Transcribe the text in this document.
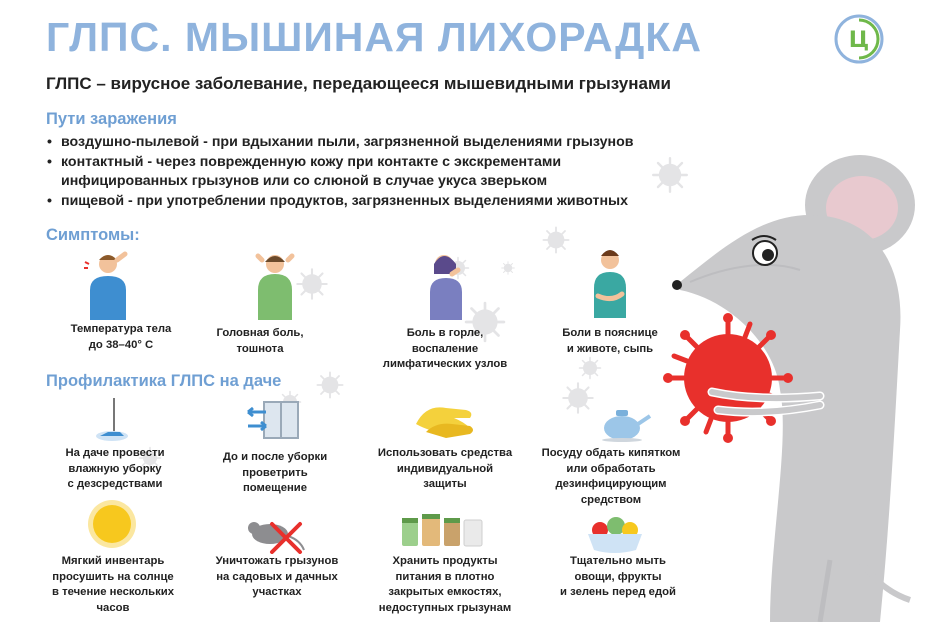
ГЛПС. МЫШИНАЯ ЛИХОРАДКА	Ц
ГЛПС – вирусное заболевание, передающееся мышевидными грызунами
Пути заражения
• воздушно-пылевой - при вдыхании пыли, загрязненной выделениями грызунов
• контактный - через поврежденную кожу при контакте с экскрементами
инфицированных грызунов или со слюной в случае укуса зверьком
• пищевой - при употреблении продуктов, загрязненных выделениями животных
Симптомы:
Температура тела
до 38–40° С
Головная боль,
тошнота
Боль в горле,
воспаление
лимфатических узлов
Боли в пояснице
и животе, сыпь
Профилактика ГЛПС на даче
На даче провести
влажную уборку
с дезсредствами
До и после уборки
проветрить
помещение
Использовать средства
индивидуальной
защиты
Посуду обдать кипятком
или обработать
дезинфицирующим
средством
Мягкий инвентарь
просушить на солнце
в течение нескольких
часов
Уничтожать грызунов
на садовых и дачных
участках
Хранить продукты
питания в плотно
закрытых емкостях,
недоступных грызунам
Тщательно мыть
овощи, фрукты
и зелень перед едой
